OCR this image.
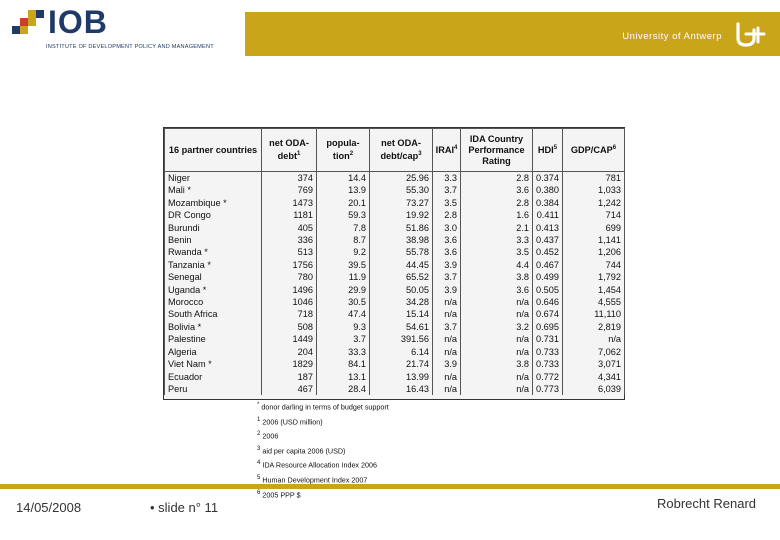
IOB
INSTITUTE OF DEVELOPMENT POLICY AND MANAGEMENT
University of Antwerp
16 partner countries	net ODA-debt$^1$	popula-tion$^2$	net ODA-debt/cap$^3$	IRAI$^4$	IDA Country Performance Rating	HDI$^5$	GDP/CAP$^6$
Niger	374	14.4	25.96	3.3	2.8	0.374	781
Mali *	769	13.9	55.30	3.7	3.6	0.380	1,033
Mozambique *	1473	20.1	73.27	3.5	2.8	0.384	1,242
DR Congo	1181	59.3	19.92	2.8	1.6	0.411	714
Burundi	405	7.8	51.86	3.0	2.1	0.413	699
Benin	336	8.7	38.98	3.6	3.3	0.437	1,141
Rwanda *	513	9.2	55.78	3.6	3.5	0.452	1,206
Tanzania *	1756	39.5	44.45	3.9	4.4	0.467	744
Senegal	780	11.9	65.52	3.7	3.8	0.499	1,792
Uganda *	1496	29.9	50.05	3.9	3.6	0.505	1,454
Morocco	1046	30.5	34.28	n/a	n/a	0.646	4,555
South Africa	718	47.4	15.14	n/a	n/a	0.674	11,110
Bolivia *	508	9.3	54.61	3.7	3.2	0.695	2,819
Palestine	1449	3.7	391.56	n/a	n/a	0.731	n/a
Algeria	204	33.3	6.14	n/a	n/a	0.733	7,062
Viet Nam *	1829	84.1	21.74	3.9	3.8	0.733	3,071
Ecuador	187	13.1	13.99	n/a	n/a	0.772	4,341
Peru	467	28.4	16.43	n/a	n/a	0.773	6,039
* donor darling in terms of budget support
$^1$ 2006 (USD million)
$^2$ 2006
$^3$ aid per capita 2006 (USD)
$^4$ IDA Resource Allocation Index 2006
$^5$ Human Development Index 2007
$^6$ 2005 PPP $
14/05/2008	• slide n° 11	Robrecht Renard
